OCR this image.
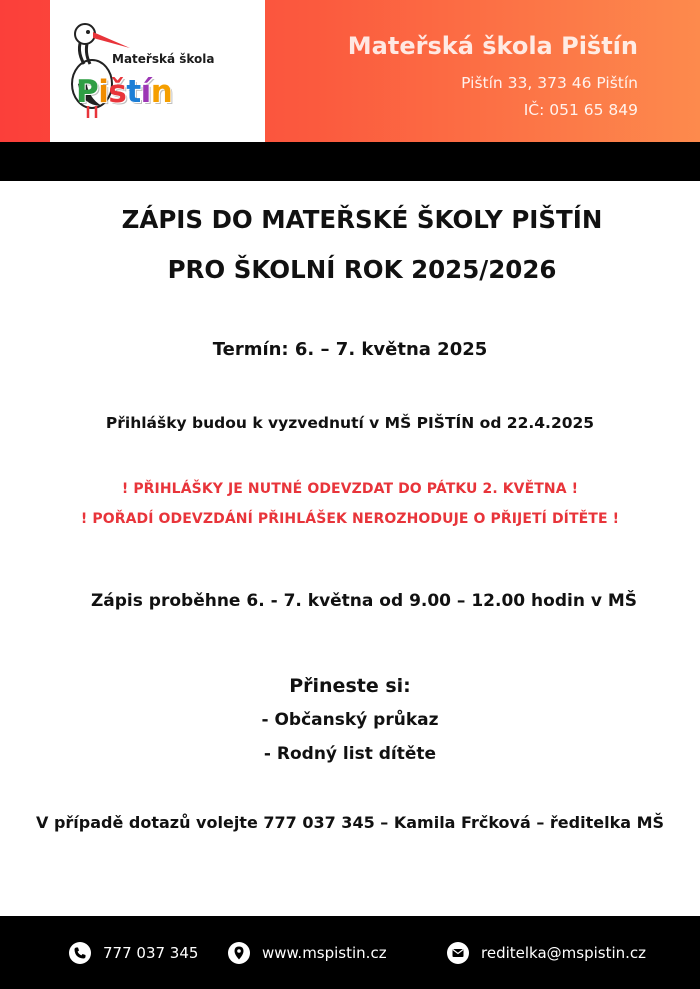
Mateřská škola
Pištín
Mateřská škola Pištín
Pištín 33, 373 46 Pištín
IČ: 051 65 849
ZÁPIS DO MATEŘSKÉ ŠKOLY PIŠTÍN
PRO ŠKOLNÍ ROK 2025/2026
Termín: 6. – 7. května 2025
Přihlášky budou k vyzvednutí v MŠ PIŠTÍN od 22.4.2025
! PŘIHLÁŠKY JE NUTNÉ ODEVZDAT DO PÁTKU 2. KVĚTNA !
! POŘADÍ ODEVZDÁNÍ PŘIHLÁŠEK NEROZHODUJE O PŘIJETÍ DÍTĚTE !
Zápis proběhne 6. - 7. května od 9.00 – 12.00 hodin v MŠ
Přineste si:
- Občanský průkaz
- Rodný list dítěte
V případě dotazů volejte 777 037 345 – Kamila Frčková – ředitelka MŠ
777 037 345	www.mspistin.cz	reditelka@mspistin.cz
